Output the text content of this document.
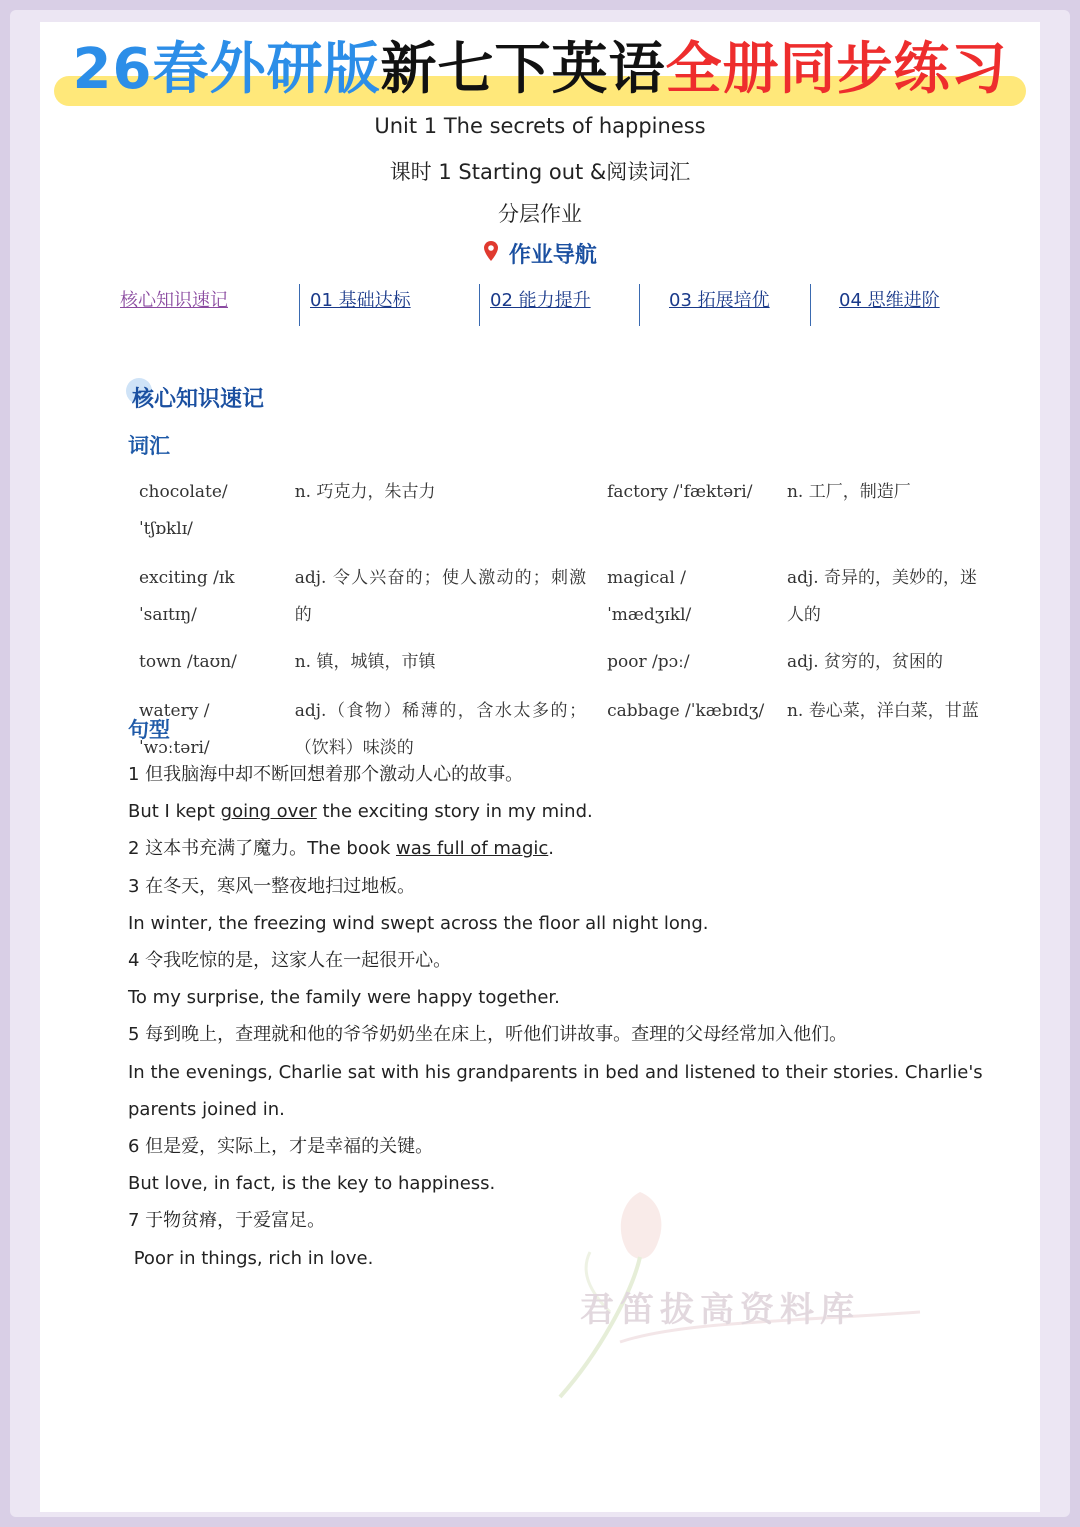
26春外研版新七下英语全册同步练习
Unit 1 The secrets of happiness
课时 1 Starting out &阅读词汇
分层作业
作业导航
核心知识速记	01 基础达标	02 能力提升	03 拓展培优	04 思维进阶
核心知识速记
词汇
chocolate/ˈtʃɒklɪ/	n. 巧克力，朱古力	factory /ˈfæktəri/	n. 工厂，制造厂
exciting /ɪkˈsaɪtɪŋ/	adj. 令人兴奋的；使人激动的；刺激的	magical /ˈmædʒɪkl/	adj. 奇异的，美妙的，迷人的
town /taʊn/	n. 镇，城镇，市镇	poor /pɔː/	adj. 贫穷的，贫困的
watery /ˈwɔːtəri/	adj.（食物）稀薄的，含水太多的；（饮料）味淡的	cabbage /ˈkæbɪdʒ/	n. 卷心菜，洋白菜，甘蓝
句型

1 但我脑海中却不断回想着那个激动人心的故事。

But I kept going over the exciting story in my mind.

2 这本书充满了魔力。The book was full of magic.

3 在冬天，寒风一整夜地扫过地板。

In winter, the freezing wind swept across the floor all night long.

4 令我吃惊的是，这家人在一起很开心。

To my surprise, the family were happy together.

5 每到晚上，查理就和他的爷爷奶奶坐在床上，听他们讲故事。查理的父母经常加入他们。

In the evenings, Charlie sat with his grandparents in bed and listened to their stories. Charlie's parents joined in.

6 但是爱，实际上，才是幸福的关键。

But love, in fact, is the key to happiness.

7 于物贫瘠，于爱富足。

Poor in things, rich in love.

君笛拔高资料库
